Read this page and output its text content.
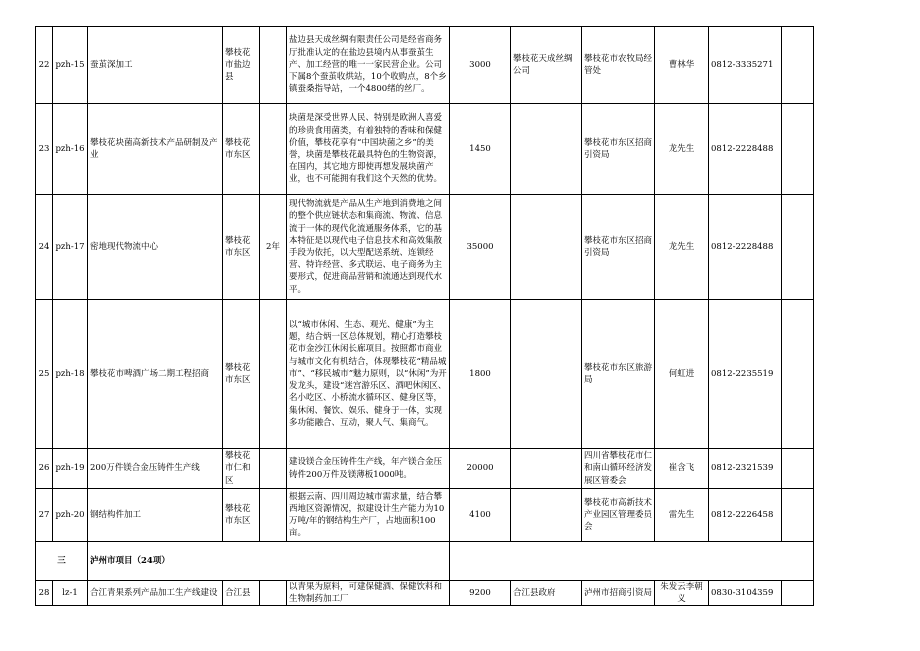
22	pzh-15	蚕茧深加工	攀枝花市盐边县		盐边县天成丝绸有限责任公司是经省商务厅批准认定的在盐边县境内从事蚕茧生产、加工经营的唯一一家民营企业。公司下属8个蚕茧收烘站，10个收购点，8个乡镇蚕桑指导站，一个4800绪的丝厂。	3000	攀枝花天成丝绸公司	攀枝花市农牧局经管处	曹林华	0812-3335271	
23	pzh-16	攀枝花块菌高新技术产品研制及产业	攀枝花市东区		块菌是深受世界人民、特别是欧洲人喜爱的珍贵食用菌类，有着独特的香味和保健价值，攀枝花享有“中国块菌之乡”的美誉，块菌是攀枝花最具特色的生物资源，在国内，其它地方即使再想发展块菌产业，也不可能拥有我们这个天然的优势。	1450		攀枝花市东区招商引资局	龙先生	0812-2228488	
24	pzh-17	密地现代物流中心	攀枝花市东区	2年	现代物流就是产品从生产地到消费地之间的整个供应链状态和集商流、物流、信息流于一体的现代化流通服务体系，它的基本特征是以现代电子信息技术和高效集散手段为依托，以大型配送系统、连锁经营、特许经营、多式联运、电子商务为主要形式，促进商品营销和流通达到现代水平。	35000		攀枝花市东区招商引资局	龙先生	0812-2228488	
25	pzh-18	攀枝花市啤酒广场二期工程招商	攀枝花市东区		以“城市休闲、生态、观光、健康”为主题，结合炳一区总体规划，精心打造攀枝花市金沙江休闲长廊项目。按照都市商业与城市文化有机结合，体现攀枝花“精品城市”、“移民城市”魅力原则，以“休闲”为开发龙头，建设“迷宫游乐区、酒吧休闲区、名小吃区、小桥流水循环区、健身区等，集休闲、餐饮、娱乐、健身于一体，实现多功能融合、互动，聚人气、集商气。	1800		攀枝花市东区旅游局	何虹进	0812-2235519	
26	pzh-19	200万件镁合金压铸件生产线	攀枝花市仁和区		建设镁合金压铸件生产线，年产镁合金压铸件200万件及镁薄板1000吨。	20000		四川省攀枝花市仁和南山循环经济发展区管委会	崔含飞	0812-2321539	
27	pzh-20	钢结构件加工	攀枝花市东区		根据云南、四川周边城市需求量，结合攀西地区资源情况，拟建设计生产能力为10万吨/年的钢结构生产厂，占地面积100亩。	4100		攀枝花市高新技术产业园区管理委员会	雷先生	0812-2226458	
三		泸州市项目（24项）									
28	lz-1	合江青果系列产品加工生产线建设	合江县		以青果为原料，可建保健酒、保健饮料和生物制药加工厂	9200	合江县政府	泸州市招商引资局	朱发云李朝义	0830-3104359	
